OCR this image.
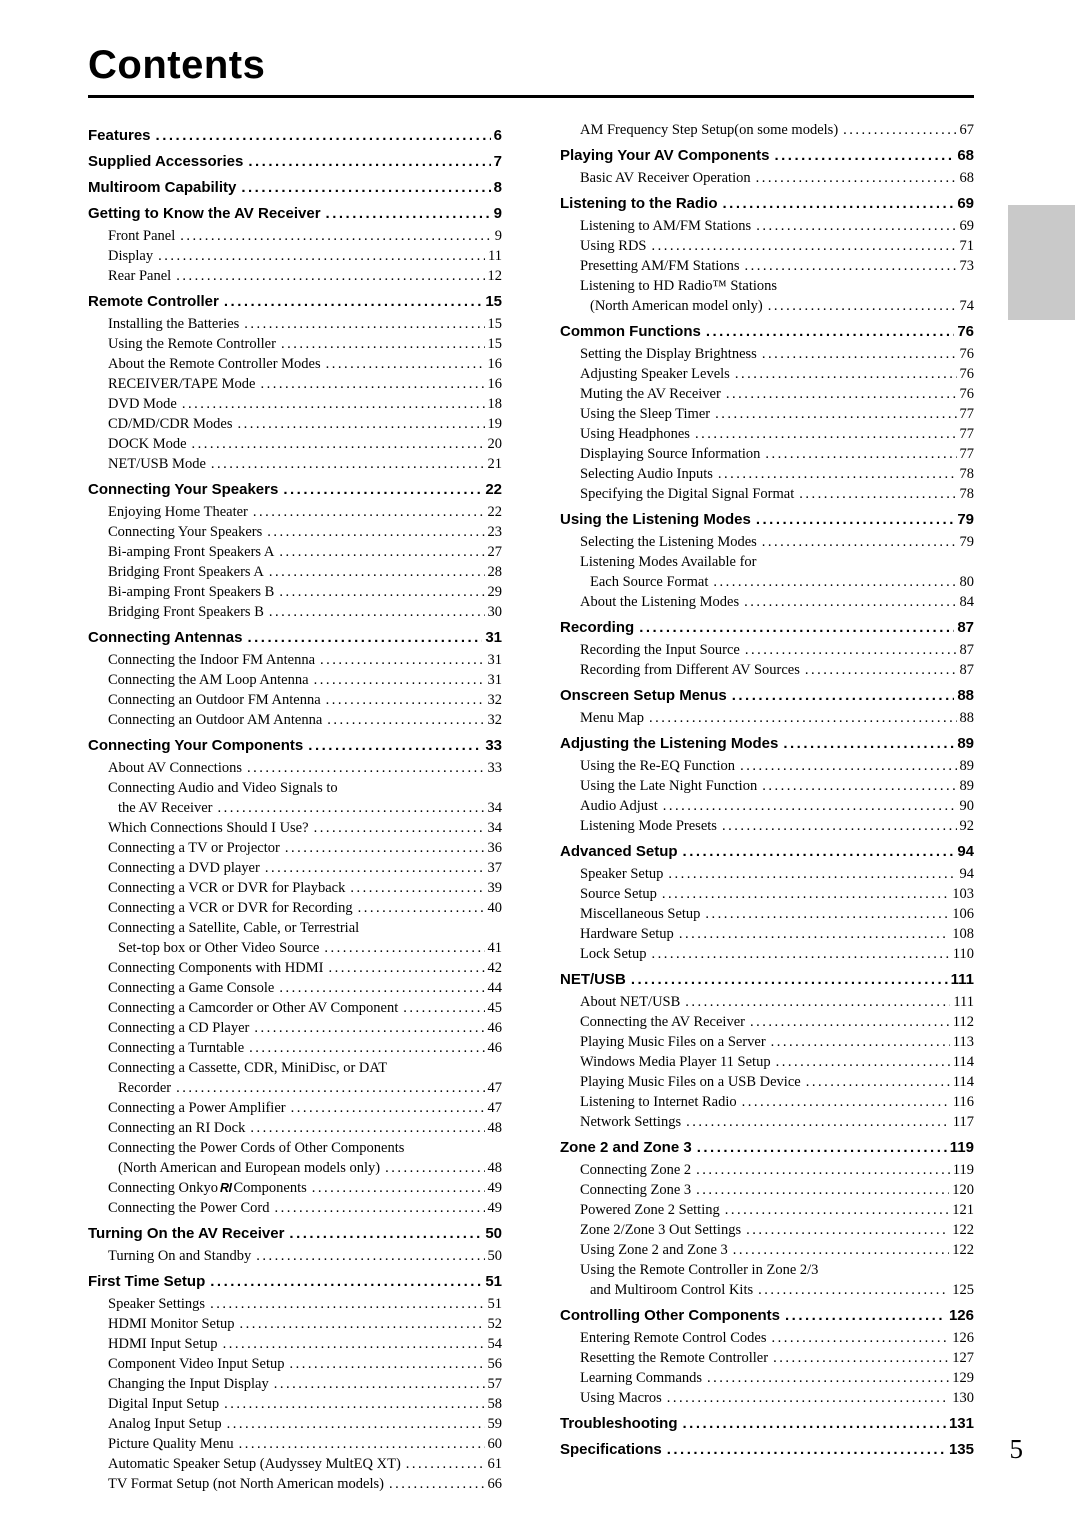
Contents
Features .....	6
Supplied Accessories .....	7
Multiroom Capability .....	8
Getting to Know the AV Receiver .....	9
Front Panel .....	9
Display .....	11
Rear Panel .....	12
Remote Controller .....	15
Installing the Batteries .....	15
Using the Remote Controller .....	15
About the Remote Controller Modes .....	16
RECEIVER/TAPE Mode .....	16
DVD Mode .....	18
CD/MD/CDR Modes .....	19
DOCK Mode .....	20
NET/USB Mode .....	21
Connecting Your Speakers .....	22
Enjoying Home Theater .....	22
Connecting Your Speakers .....	23
Bi-amping Front Speakers A .....	27
Bridging Front Speakers A .....	28
Bi-amping Front Speakers B .....	29
Bridging Front Speakers B .....	30
Connecting Antennas .....	31
Connecting the Indoor FM Antenna .....	31
Connecting the AM Loop Antenna .....	31
Connecting an Outdoor FM Antenna .....	32
Connecting an Outdoor AM Antenna .....	32
Connecting Your Components .....	33
About AV Connections .....	33
Connecting Audio and Video Signals to
the AV Receiver .....	34
Which Connections Should I Use? .....	34
Connecting a TV or Projector .....	36
Connecting a DVD player .....	37
Connecting a VCR or DVR for Playback .....	39
Connecting a VCR or DVR for Recording .....	40
Connecting a Satellite, Cable, or Terrestrial
Set-top box or Other Video Source .....	41
Connecting Components with HDMI .....	42
Connecting a Game Console .....	44
Connecting a Camcorder or Other AV Component .....	45
Connecting a CD Player .....	46
Connecting a Turntable .....	46
Connecting a Cassette, CDR, MiniDisc, or DAT
Recorder .....	47
Connecting a Power Amplifier .....	47
Connecting an RI Dock .....	48
Connecting the Power Cords of Other Components
(North American and European models only) .....	48
Connecting Onkyo RI Components .....	49
Connecting the Power Cord .....	49
Turning On the AV Receiver .....	50
Turning On and Standby .....	50
First Time Setup .....	51
Speaker Settings .....	51
HDMI Monitor Setup .....	52
HDMI Input Setup .....	54
Component Video Input Setup .....	56
Changing the Input Display .....	57
Digital Input Setup .....	58
Analog Input Setup .....	59
Picture Quality Menu .....	60
Automatic Speaker Setup (Audyssey MultEQ XT) .....	61
TV Format Setup (not North American models) .....	66
AM Frequency Step Setup(on some models) .....	67
Playing Your AV Components .....	68
Basic AV Receiver Operation .....	68
Listening to the Radio .....	69
Listening to AM/FM Stations .....	69
Using RDS .....	71
Presetting AM/FM Stations .....	73
Listening to HD Radio™ Stations
(North American model only) .....	74
Common Functions .....	76
Setting the Display Brightness .....	76
Adjusting Speaker Levels .....	76
Muting the AV Receiver .....	76
Using the Sleep Timer .....	77
Using Headphones .....	77
Displaying Source Information .....	77
Selecting Audio Inputs .....	78
Specifying the Digital Signal Format .....	78
Using the Listening Modes .....	79
Selecting the Listening Modes .....	79
Listening Modes Available for
Each Source Format .....	80
About the Listening Modes .....	84
Recording .....	87
Recording the Input Source .....	87
Recording from Different AV Sources .....	87
Onscreen Setup Menus .....	88
Menu Map .....	88
Adjusting the Listening Modes .....	89
Using the Re-EQ Function .....	89
Using the Late Night Function .....	89
Audio Adjust .....	90
Listening Mode Presets .....	92
Advanced Setup .....	94
Speaker Setup .....	94
Source Setup .....	103
Miscellaneous Setup .....	106
Hardware Setup .....	108
Lock Setup .....	110
NET/USB .....	111
About NET/USB .....	111
Connecting the AV Receiver .....	112
Playing Music Files on a Server .....	113
Windows Media Player 11 Setup .....	114
Playing Music Files on a USB Device .....	114
Listening to Internet Radio .....	116
Network Settings .....	117
Zone 2 and Zone 3 .....	119
Connecting Zone 2 .....	119
Connecting Zone 3 .....	120
Powered Zone 2 Setting .....	121
Zone 2/Zone 3 Out Settings .....	122
Using Zone 2 and Zone 3 .....	122
Using the Remote Controller in Zone 2/3
and Multiroom Control Kits .....	125
Controlling Other Components .....	126
Entering Remote Control Codes .....	126
Resetting the Remote Controller .....	127
Learning Commands .....	129
Using Macros .....	130
Troubleshooting .....	131
Specifications .....	135 5
